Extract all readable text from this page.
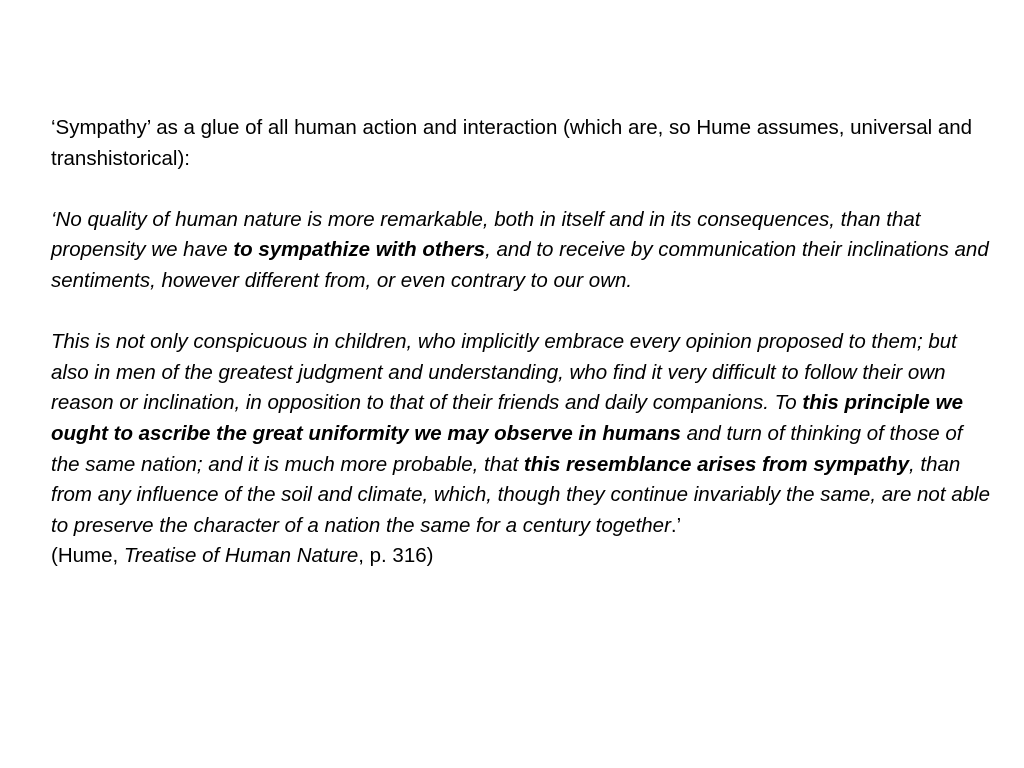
‘Sympathy’ as a glue of all human action and interaction (which are, so Hume assumes, universal and transhistorical):

‘No quality of human nature is more remarkable, both in itself and in its consequences, than that propensity we have to sympathize with others, and to receive by communication their inclinations and sentiments, however different from, or even contrary to our own.

This is not only conspicuous in children, who implicitly embrace every opinion proposed to them; but also in men of the greatest judgment and understanding, who find it very difficult to follow their own reason or inclination, in opposition to that of their friends and daily companions. To this principle we ought to ascribe the great uniformity we may observe in humans and turn of thinking of those of the same nation; and it is much more probable, that this resemblance arises from sympathy, than from any influence of the soil and climate, which, though they continue invariably the same, are not able to preserve the character of a nation the same for a century together.’

(Hume, Treatise of Human Nature, p. 316)
